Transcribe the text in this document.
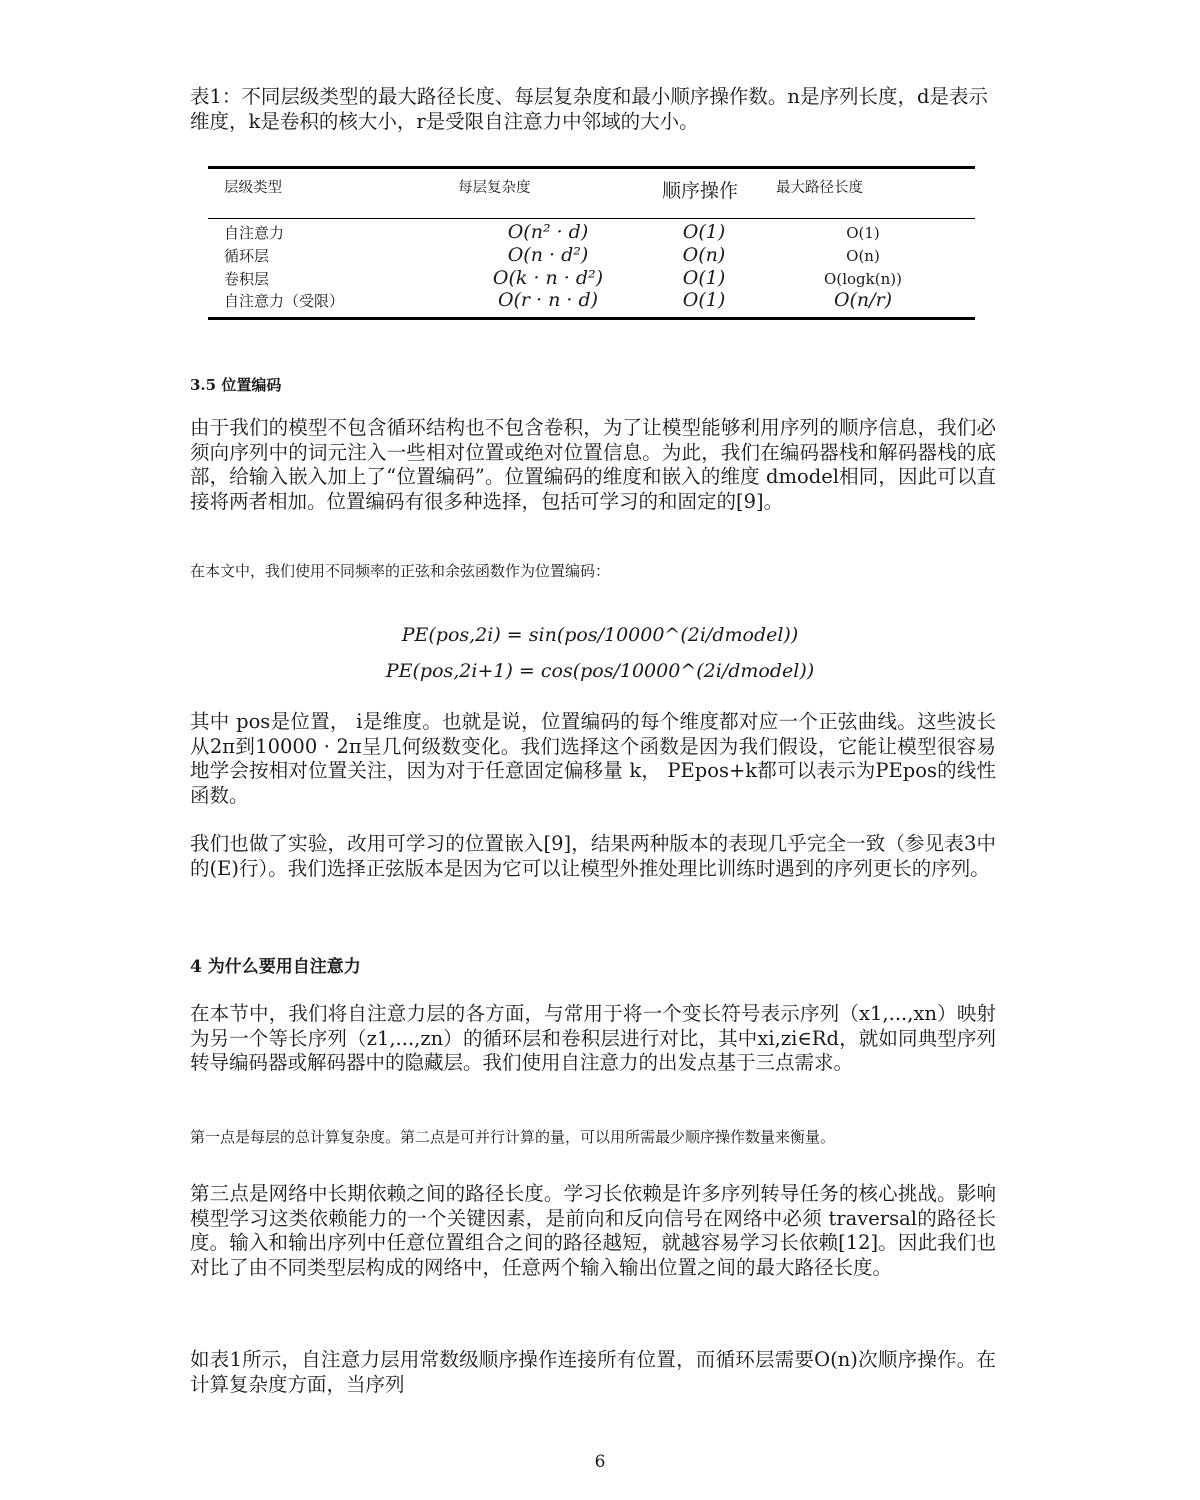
表1：不同层级类型的最大路径长度、每层复杂度和最小顺序操作数。n是序列长度，d是表示维度，k是卷积的核大小，r是受限自注意力中邻域的大小。

层级类型	每层复杂度	顺序操作	最大路径长度
自注意力	O(n² · d)	O(1)	O(1)
循环层	O(n · d²)	O(n)	O(n)
卷积层	O(k · n · d²)	O(1)	O(logk(n))
自注意力（受限）	O(r · n · d)	O(1)	O(n/r)

3.5 位置编码

由于我们的模型不包含循环结构也不包含卷积，为了让模型能够利用序列的顺序信息，我们必须向序列中的词元注入一些相对位置或绝对位置信息。为此，我们在编码器栈和解码器栈的底部，给输入嵌入加上了“位置编码”。位置编码的维度和嵌入的维度 dmodel相同，因此可以直接将两者相加。位置编码有很多种选择，包括可学习的和固定的[9]。

在本文中，我们使用不同频率的正弦和余弦函数作为位置编码：

PE(pos,2i) = sin(pos/10000^(2i/dmodel))
PE(pos,2i+1) = cos(pos/10000^(2i/dmodel))

其中 pos是位置， i是维度。也就是说，位置编码的每个维度都对应一个正弦曲线。这些波长从2π到10000 · 2π呈几何级数变化。我们选择这个函数是因为我们假设，它能让模型很容易地学会按相对位置关注，因为对于任意固定偏移量 k， PEpos+k都可以表示为PEpos的线性函数。

我们也做了实验，改用可学习的位置嵌入[9]，结果两种版本的表现几乎完全一致（参见表3中的(E)行）。我们选择正弦版本是因为它可以让模型外推处理比训练时遇到的序列更长的序列。

4 为什么要用自注意力

在本节中，我们将自注意力层的各方面，与常用于将一个变长符号表示序列（x1,...,xn）映射为另一个等长序列（z1,...,zn）的循环层和卷积层进行对比，其中xi,zi∈Rd，就如同典型序列转导编码器或解码器中的隐藏层。我们使用自注意力的出发点基于三点需求。

第一点是每层的总计算复杂度。第二点是可并行计算的量，可以用所需最少顺序操作数量来衡量。

第三点是网络中长期依赖之间的路径长度。学习长依赖是许多序列转导任务的核心挑战。影响模型学习这类依赖能力的一个关键因素，是前向和反向信号在网络中必须 traversal的路径长度。输入和输出序列中任意位置组合之间的路径越短，就越容易学习长依赖[12]。因此我们也对比了由不同类型层构成的网络中，任意两个输入输出位置之间的最大路径长度。

如表1所示，自注意力层用常数级顺序操作连接所有位置，而循环层需要O(n)次顺序操作。在计算复杂度方面，当序列

6
